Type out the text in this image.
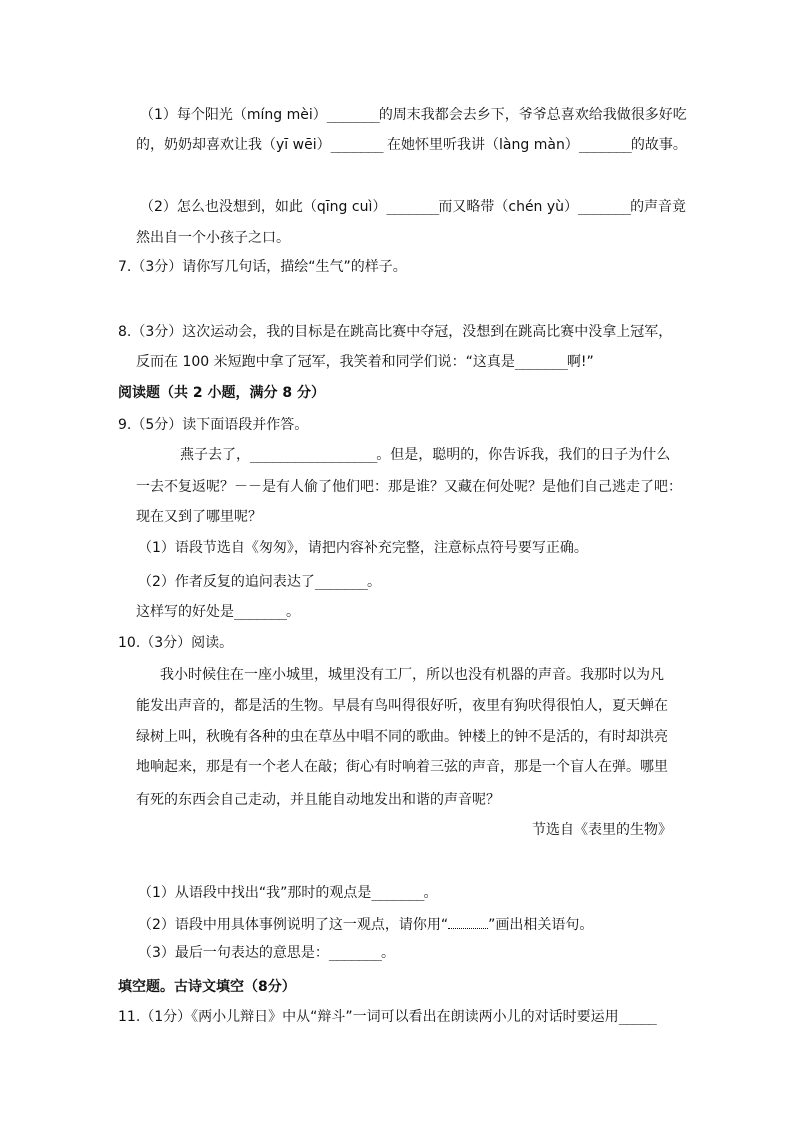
（1）每个阳光（míng mèi）_______的周末我都会去乡下，爷爷总喜欢给我做很多好吃
的，奶奶却喜欢让我（yī wēi）_______ 在她怀里听我讲（làng màn）_______的故事。
（2）怎么也没想到，如此（qīng cuì）_______而又略带（chén yù）_______的声音竟
然出自一个小孩子之口。
7.（3分）请你写几句话，描绘“生气”的样子。
8.（3分）这次运动会，我的目标是在跳高比赛中夺冠，没想到在跳高比赛中没拿上冠军，
反而在 100 米短跑中拿了冠军，我笑着和同学们说：“这真是_______啊!”
阅读题（共 2 小题，满分 8 分）
9.（5分）读下面语段并作答。
燕子去了，_________________。但是，聪明的，你告诉我，我们的日子为什么
一去不复返呢？－－是有人偷了他们吧：那是谁？又藏在何处呢？是他们自己逃走了吧：
现在又到了哪里呢？
（1）语段节选自《匆匆》，请把内容补充完整，注意标点符号要写正确。
（2）作者反复的追问表达了_______。
这样写的好处是_______。
10.（3分）阅读。
我小时候住在一座小城里，城里没有工厂，所以也没有机器的声音。我那时以为凡
能发出声音的，都是活的生物。早晨有鸟叫得很好听，夜里有狗吠得很怕人，夏天蝉在
绿树上叫，秋晚有各种的虫在草丛中唱不同的歌曲。钟楼上的钟不是活的，有时却洪亮
地响起来，那是有一个老人在敲；街心有时响着三弦的声音，那是一个盲人在弹。哪里
有死的东西会自己走动，并且能自动地发出和谐的声音呢？
节选自《表里的生物》
（1）从语段中找出“我”那时的观点是_______。
（2）语段中用具体事例说明了这一观点，请你用“	”画出相关语句。
（3）最后一句表达的意思是：_______。
填空题。古诗文填空（8分）
11.（1分）《两小儿辩日》中从“辩斗”一词可以看出在朗读两小儿的对话时要运用_____
